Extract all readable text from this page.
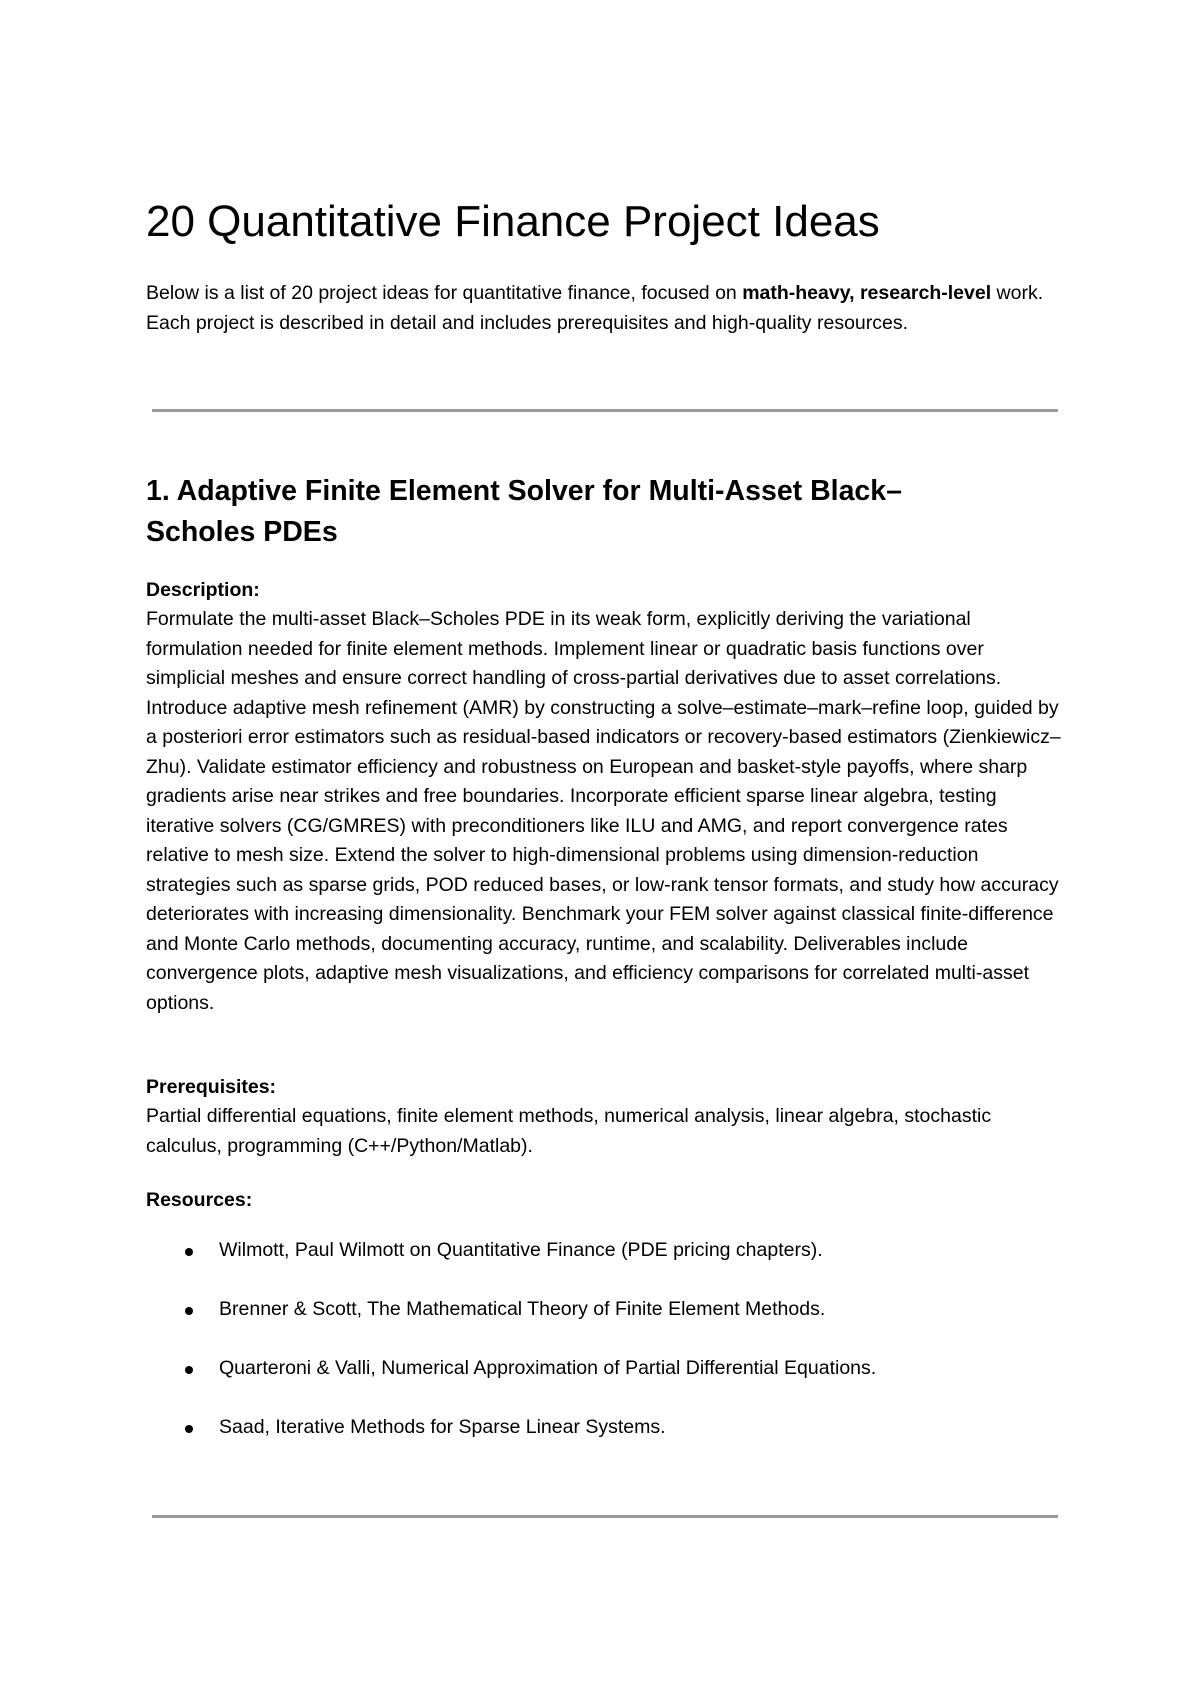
20 Quantitative Finance Project Ideas

Below is a list of 20 project ideas for quantitative finance, focused on math-heavy, research-level work. Each project is described in detail and includes prerequisites and high-quality resources.

1. Adaptive Finite Element Solver for Multi-Asset Black–Scholes PDEs

Description:

Formulate the multi-asset Black–Scholes PDE in its weak form, explicitly deriving the variational formulation needed for finite element methods. Implement linear or quadratic basis functions over simplicial meshes and ensure correct handling of cross-partial derivatives due to asset correlations. Introduce adaptive mesh refinement (AMR) by constructing a solve–estimate–mark–refine loop, guided by a posteriori error estimators such as residual-based indicators or recovery-based estimators (Zienkiewicz–Zhu). Validate estimator efficiency and robustness on European and basket-style payoffs, where sharp gradients arise near strikes and free boundaries. Incorporate efficient sparse linear algebra, testing iterative solvers (CG/GMRES) with preconditioners like ILU and AMG, and report convergence rates relative to mesh size. Extend the solver to high-dimensional problems using dimension-reduction strategies such as sparse grids, POD reduced bases, or low-rank tensor formats, and study how accuracy deteriorates with increasing dimensionality. Benchmark your FEM solver against classical finite-difference and Monte Carlo methods, documenting accuracy, runtime, and scalability. Deliverables include convergence plots, adaptive mesh visualizations, and efficiency comparisons for correlated multi-asset options.

Prerequisites:

Partial differential equations, finite element methods, numerical analysis, linear algebra, stochastic calculus, programming (C++/Python/Matlab).

Resources:

Wilmott, Paul Wilmott on Quantitative Finance (PDE pricing chapters).
Brenner & Scott, The Mathematical Theory of Finite Element Methods.
Quarteroni & Valli, Numerical Approximation of Partial Differential Equations.
Saad, Iterative Methods for Sparse Linear Systems.
